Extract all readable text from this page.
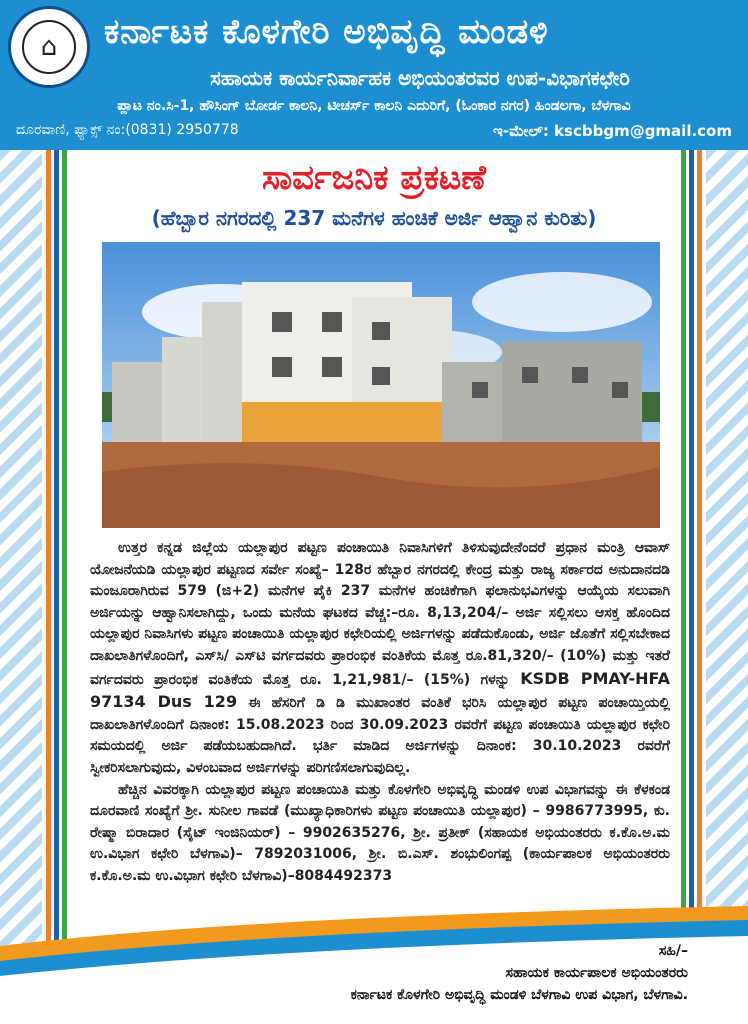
⌂	ಕರ್ನಾಟಕ ಕೊಳಗೇರಿ ಅಭಿವೃದ್ಧಿ ಮಂಡಳಿ
ಸಹಾಯಕ ಕಾರ್ಯನಿರ್ವಾಹಕ ಅಭಿಯಂತರವರ ಉಪ-ವಿಭಾಗಕಛೇರಿ
ಪ್ಲಾಟ ನಂ.ಸಿ-1, ಹೌಸಿಂಗ್ ಬೋರ್ಡ ಕಾಲನಿ, ಟೀಚರ್ಸ್ ಕಾಲನಿ ಎದುರಿಗೆ, (ಓಂಕಾರ ನಗರ) ಹಿಂಡಲಗಾ, ಬೆಳಗಾವಿ
ದೂರವಾಣಿ, ಫ್ಯಾಕ್ಸ್ ನಂ:(0831) 2950778	ಇ-ಮೇಲ್: kscbbgm@gmail.com
ಸಾರ್ವಜನಿಕ ಪ್ರಕಟಣೆ
(ಹೆಬ್ಬಾರ ನಗರದಲ್ಲಿ 237 ಮನೆಗಳ ಹಂಚಿಕೆ ಅರ್ಜಿ ಆಹ್ವಾನ ಕುರಿತು)

ಉತ್ತರ ಕನ್ನಡ ಜಿಲ್ಲೆಯ ಯಲ್ಲಾಪುರ ಪಟ್ಟಣ ಪಂಚಾಯಿತಿ ನಿವಾಸಿಗಳಿಗೆ ತಿಳಿಸುವುದೇನೆಂದರೆ ಪ್ರಧಾನ ಮಂತ್ರಿ ಆವಾಸ್ ಯೋಜನೆಯಡಿ ಯಲ್ಲಾಪುರ ಪಟ್ಟಣದ ಸರ್ವೇ ಸಂಖ್ಯೆ– 128ರ ಹೆಬ್ಬಾರ ನಗರದಲ್ಲಿ ಕೇಂದ್ರ ಮತ್ತು ರಾಜ್ಯ ಸರ್ಕಾರದ ಅನುದಾನದಡಿ ಮಂಜೂರಾಗಿರುವ 579 (ಜಿ+2) ಮನೆಗಳ ಪೈಕಿ 237 ಮನೆಗಳ ಹಂಚಿಕೆಗಾಗಿ ಫಲಾನುಭವಿಗಳನ್ನು ಆಯ್ಕೆಯ ಸಲುವಾಗಿ ಅರ್ಜಿಯನ್ನು ಆಹ್ವಾನಿಸಲಾಗಿದ್ದು, ಒಂದು ಮನೆಯ ಘಟಕದ ವೆಚ್ಚ:–ರೂ. 8,13,204/– ಅರ್ಜಿ ಸಲ್ಲಿಸಲು ಆಸಕ್ತ ಹೊಂದಿದ ಯಲ್ಲಾಪುರ ನಿವಾಸಿಗಳು ಪಟ್ಟಣ ಪಂಚಾಯಿತಿ ಯಲ್ಲಾಪುರ ಕಛೇರಿಯಲ್ಲಿ ಅರ್ಜಿಗಳನ್ನು ಪಡೆದುಕೊಂಡು, ಅರ್ಜಿ ಜೊತೆಗೆ ಸಲ್ಲಿಸಬೇಕಾದ ದಾಖಲಾತಿಗಳೊಂದಿಗೆ, ಎಸ್‌ಸಿ/ ಎಸ್‌ಟಿ ವರ್ಗದವರು ಪ್ರಾರಂಭಿಕ ವಂತಿಕೆಯ ಮೊತ್ತ ರೂ.81,320/– (10%) ಮತ್ತು ಇತರೆ ವರ್ಗದವರು ಪ್ರಾರಂಭಿಕ ವಂತಿಕೆಯ ಮೊತ್ತ ರೂ. 1,21,981/– (15%) ಗಳನ್ನು KSDB PMAY-HFA 97134 Dus 129 ಈ ಹೆಸರಿಗೆ ಡಿ ಡಿ ಮುಖಾಂತರ ವಂತಿಕೆ ಭರಿಸಿ ಯಲ್ಲಾಪುರ ಪಟ್ಟಣ ಪಂಚಾಯ್ತಿಯಲ್ಲಿ ದಾಖಲಾತಿಗಳೊಂದಿಗೆ ದಿನಾಂಕ: 15.08.2023 ರಿಂದ 30.09.2023 ರವರೆಗೆ ಪಟ್ಟಣ ಪಂಚಾಯಿತಿ ಯಲ್ಲಾಪುರ ಕಛೇರಿ ಸಮಯದಲ್ಲಿ ಅರ್ಜಿ ಪಡೆಯಬಹುದಾಗಿದೆ. ಭರ್ತಿ ಮಾಡಿದ ಅರ್ಜಿಗಳನ್ನು ದಿನಾಂಕ: 30.10.2023 ರವರೆಗೆ ಸ್ವೀಕರಿಸಲಾಗುವುದು, ವಿಳಂಬವಾದ ಅರ್ಜಿಗಳನ್ನು ಪರಿಗಣಿಸಲಾಗುವುದಿಲ್ಲ.

ಹೆಚ್ಚಿನ ವಿವರಕ್ಕಾಗಿ ಯಲ್ಲಾಪುರ ಪಟ್ಟಣ ಪಂಚಾಯಿತಿ ಮತ್ತು ಕೊಳಗೇರಿ ಅಭಿವೃದ್ಧಿ ಮಂಡಳಿ ಉಪ ವಿಭಾಗವನ್ನು ಈ ಕೆಳಕಂಡ ದೂರವಾಣಿ ಸಂಖ್ಯೆಗೆ ಶ್ರೀ. ಸುನೀಲ ಗಾವಡೆ (ಮುಖ್ಯಾಧಿಕಾರಿಗಳು ಪಟ್ಟಣ ಪಂಚಾಯಿತಿ ಯಲ್ಲಾಪುರ) – 9986773995, ಕು. ರೇಷ್ಮಾ ಬಿರಾದಾರ (ಸೈಟ್ ಇಂಜಿನಿಯರ್) – 9902635276, ಶ್ರೀ. ಪ್ರತೀಕ್ (ಸಹಾಯಕ ಅಭಿಯಂತರರು ಕ.ಕೊ.ಅ.ಮ ಉ.ವಿಭಾಗ ಕಛೇರಿ ಬೆಳಗಾವಿ)– 7892031006, ಶ್ರೀ. ಬಿ.ಎಸ್. ಶಂಭುಲಿಂಗಪ್ಪ (ಕಾರ್ಯಪಾಲಕ ಅಭಿಯಂತರರು ಕ.ಕೊ.ಅ.ಮ ಉ.ವಿಭಾಗ ಕಛೇರಿ ಬೆಳಗಾವಿ)–8084492373

ಸಹಿ/–
ಸಹಾಯಕ ಕಾರ್ಯಪಾಲಕ ಅಭಿಯಂತರರು
ಕರ್ನಾಟಕ ಕೊಳಗೇರಿ ಅಭಿವೃದ್ಧಿ ಮಂಡಳಿ ಬೆಳಗಾವಿ ಉಪ ವಿಭಾಗ, ಬೆಳಗಾವಿ.
